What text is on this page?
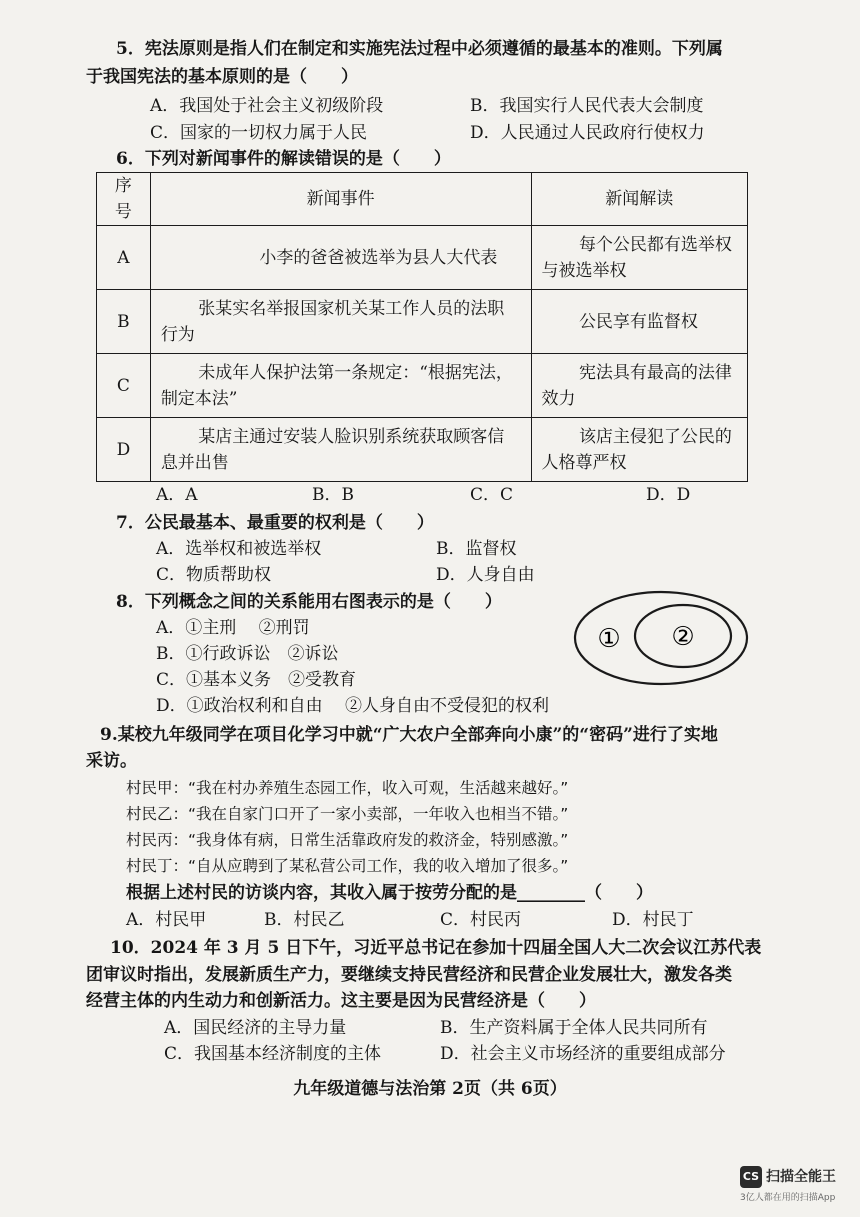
5．宪法原则是指人们在制定和实施宪法过程中必须遵循的最基本的准则。下列属
于我国宪法的基本原则的是（　　）
A．我国处于社会主义初级阶段	B．我国实行人民代表大会制度
C．国家的一切权力属于人民	D．人民通过人民政府行使权力
6．下列对新闻事件的解读错误的是（　　）
序号	新闻事件	新闻解读
A	小李的爸爸被选举为县人大代表	每个公民都有选举权与被选举权
B	张某实名举报国家机关某工作人员的法职行为	公民享有监督权
C	未成年人保护法第一条规定：“根据宪法，制定本法”	宪法具有最高的法律效力
D	某店主通过安装人脸识别系统获取顾客信息并出售	该店主侵犯了公民的人格尊严权
A．A	B．B	C．C	D．D
7．公民最基本、最重要的权利是（　　）
A．选举权和被选举权	B．监督权
C．物质帮助权	D．人身自由
8．下列概念之间的关系能用右图表示的是（　　）
A．①主刑　 ②刑罚
B．①行政诉讼　②诉讼
C．①基本义务　②受教育
D．①政治权利和自由　 ②人身自由不受侵犯的权利
① ②
9.某校九年级同学在项目化学习中就“广大农户全部奔向小康”的“密码”进行了实地
采访。
村民甲：“我在村办养殖生态园工作，收入可观，生活越来越好。”
村民乙：“我在自家门口开了一家小卖部，一年收入也相当不错。”
村民丙：“我身体有病，日常生活靠政府发的救济金，特别感激。”
村民丁：“自从应聘到了某私营公司工作，我的收入增加了很多。”
根据上述村民的访谈内容，其收入属于按劳分配的是________（　　）
A．村民甲	B．村民乙	C．村民丙	D．村民丁
10．2024 年 3 月 5 日下午，习近平总书记在参加十四届全国人大二次会议江苏代表
团审议时指出，发展新质生产力，要继续支持民营经济和民营企业发展壮大，激发各类
经营主体的内生动力和创新活力。这主要是因为民营经济是（　　）
A．国民经济的主导力量	B．生产资料属于全体人民共同所有
C．我国基本经济制度的主体	D．社会主义市场经济的重要组成部分
九年级道德与法治第 2页（共 6页）
CS 扫描全能王
3亿人都在用的扫描App
